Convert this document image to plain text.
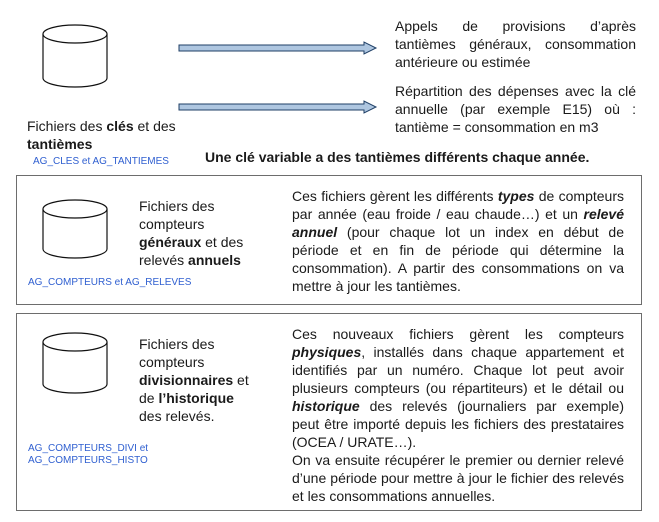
Fichiers des clés et des tantièmes
AG_CLES et AG_TANTIEMES
Appels de provisions d’après tantièmes généraux, consommation antérieure ou estimée
Répartition des dépenses avec la clé annuelle (par exemple E15) où : tantième = consommation en m3
Une clé variable a des tantièmes différents chaque année.
Fichiers des
compteurs
généraux et des
relevés annuels
AG_COMPTEURS et AG_RELEVES
Ces fichiers gèrent les différents types de compteurs par année (eau froide / eau chaude…) et un relevé annuel (pour chaque lot un index en début de période et en fin de période qui détermine la consommation). A partir des consommations on va mettre à jour les tantièmes.
Fichiers des
compteurs
divisionnaires et
de l’historique
des relevés.
AG_COMPTEURS_DIVI et
AG_COMPTEURS_HISTO
Ces nouveaux fichiers gèrent les compteurs physiques, installés dans chaque appartement et identifiés par un numéro. Chaque lot peut avoir plusieurs compteurs (ou répartiteurs) et le détail ou historique des relevés (journaliers par exemple) peut être importé depuis les fichiers des prestataires (OCEA / URATE…).
On va ensuite récupérer le premier ou dernier relevé d’une période pour mettre à jour le fichier des relevés et les consommations annuelles.
